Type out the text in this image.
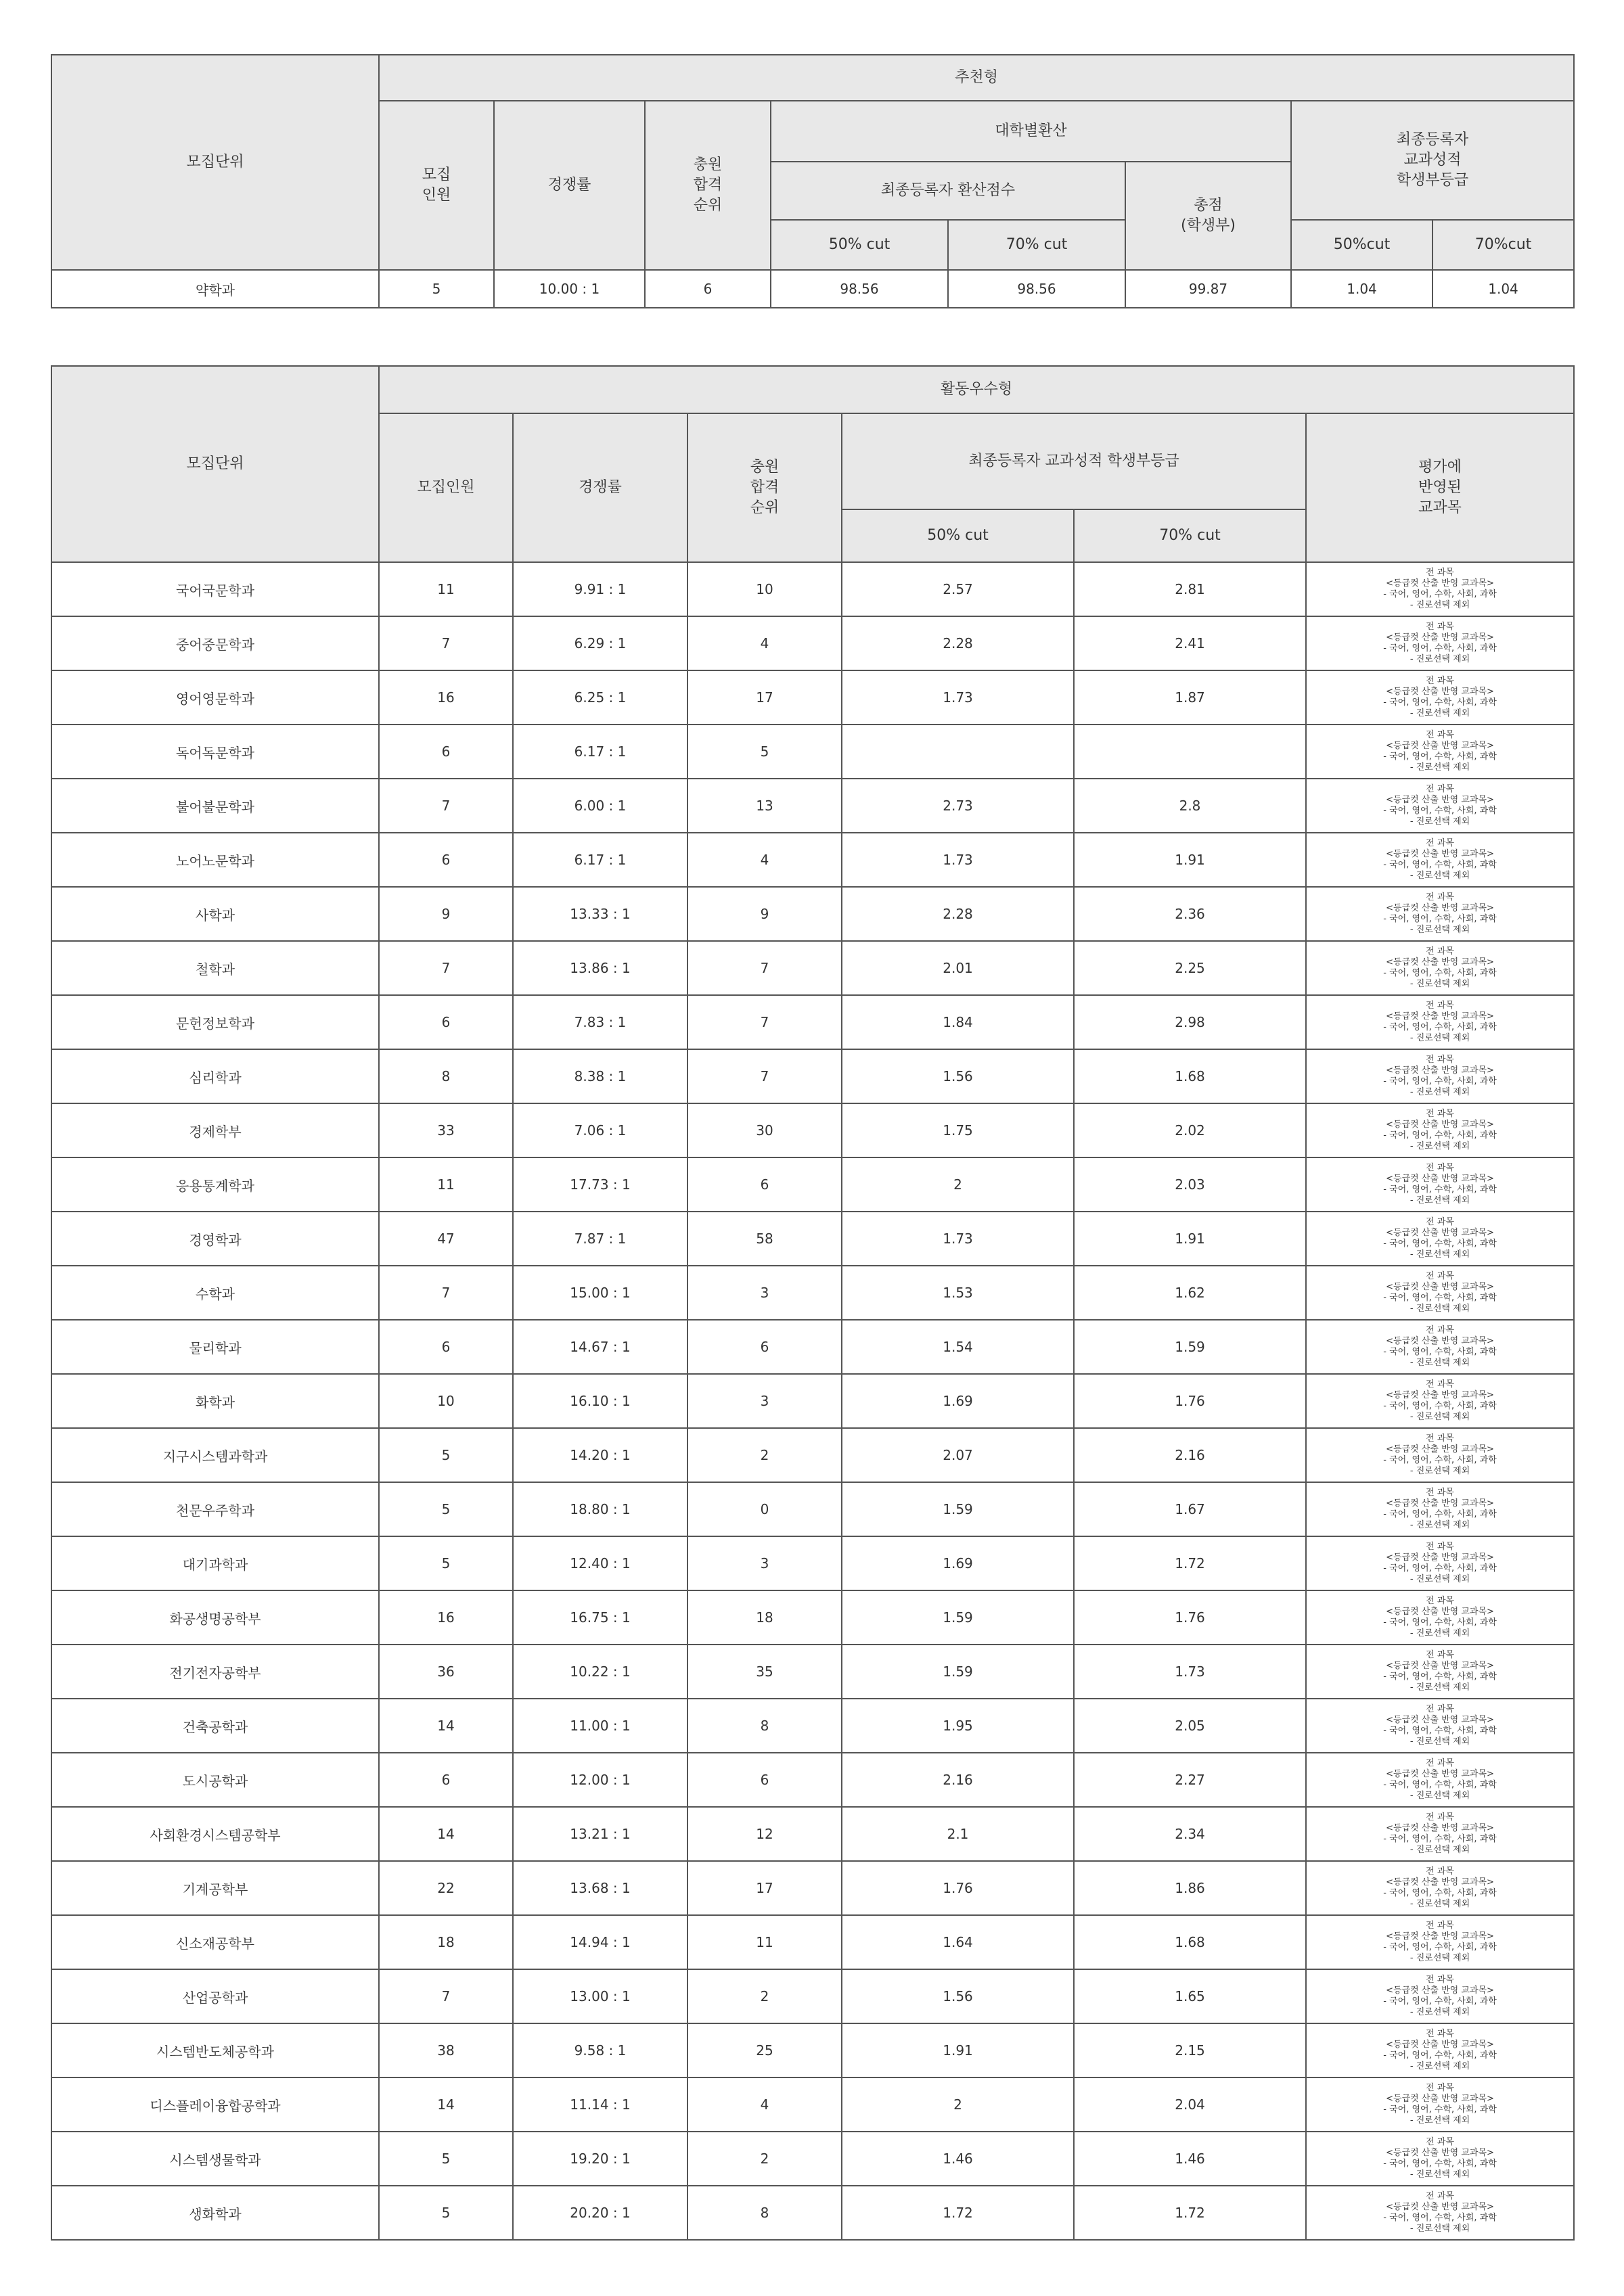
모집단위	추천형							
	모집
인원	경쟁률	충원
합격
순위	대학별환산			최종등록자
교과성적
학생부등급	
				최종등록자 환산점수		총점
(학생부)		
				50% cut	70% cut		50%cut	70%cut
약학과	5	10.00 : 1	6	98.56	98.56	99.87	1.04	1.04
모집단위	활동우수형					
	모집인원	경쟁률	충원
합격
순위	최종등록자 교과성적 학생부등급		평가에
반영된
교과목
				50% cut	70% cut	
국어국문학과	11	9.91 : 1	10	2.57	2.81	전 과목
<등급컷 산출 반영 교과목>
- 국어, 영어, 수학, 사회, 과학
- 진로선택 제외
중어중문학과	7	6.29 : 1	4	2.28	2.41	전 과목
<등급컷 산출 반영 교과목>
- 국어, 영어, 수학, 사회, 과학
- 진로선택 제외
영어영문학과	16	6.25 : 1	17	1.73	1.87	전 과목
<등급컷 산출 반영 교과목>
- 국어, 영어, 수학, 사회, 과학
- 진로선택 제외
독어독문학과	6	6.17 : 1	5			전 과목
<등급컷 산출 반영 교과목>
- 국어, 영어, 수학, 사회, 과학
- 진로선택 제외
불어불문학과	7	6.00 : 1	13	2.73	2.8	전 과목
<등급컷 산출 반영 교과목>
- 국어, 영어, 수학, 사회, 과학
- 진로선택 제외
노어노문학과	6	6.17 : 1	4	1.73	1.91	전 과목
<등급컷 산출 반영 교과목>
- 국어, 영어, 수학, 사회, 과학
- 진로선택 제외
사학과	9	13.33 : 1	9	2.28	2.36	전 과목
<등급컷 산출 반영 교과목>
- 국어, 영어, 수학, 사회, 과학
- 진로선택 제외
철학과	7	13.86 : 1	7	2.01	2.25	전 과목
<등급컷 산출 반영 교과목>
- 국어, 영어, 수학, 사회, 과학
- 진로선택 제외
문헌정보학과	6	7.83 : 1	7	1.84	2.98	전 과목
<등급컷 산출 반영 교과목>
- 국어, 영어, 수학, 사회, 과학
- 진로선택 제외
심리학과	8	8.38 : 1	7	1.56	1.68	전 과목
<등급컷 산출 반영 교과목>
- 국어, 영어, 수학, 사회, 과학
- 진로선택 제외
경제학부	33	7.06 : 1	30	1.75	2.02	전 과목
<등급컷 산출 반영 교과목>
- 국어, 영어, 수학, 사회, 과학
- 진로선택 제외
응용통계학과	11	17.73 : 1	6	2	2.03	전 과목
<등급컷 산출 반영 교과목>
- 국어, 영어, 수학, 사회, 과학
- 진로선택 제외
경영학과	47	7.87 : 1	58	1.73	1.91	전 과목
<등급컷 산출 반영 교과목>
- 국어, 영어, 수학, 사회, 과학
- 진로선택 제외
수학과	7	15.00 : 1	3	1.53	1.62	전 과목
<등급컷 산출 반영 교과목>
- 국어, 영어, 수학, 사회, 과학
- 진로선택 제외
물리학과	6	14.67 : 1	6	1.54	1.59	전 과목
<등급컷 산출 반영 교과목>
- 국어, 영어, 수학, 사회, 과학
- 진로선택 제외
화학과	10	16.10 : 1	3	1.69	1.76	전 과목
<등급컷 산출 반영 교과목>
- 국어, 영어, 수학, 사회, 과학
- 진로선택 제외
지구시스템과학과	5	14.20 : 1	2	2.07	2.16	전 과목
<등급컷 산출 반영 교과목>
- 국어, 영어, 수학, 사회, 과학
- 진로선택 제외
천문우주학과	5	18.80 : 1	0	1.59	1.67	전 과목
<등급컷 산출 반영 교과목>
- 국어, 영어, 수학, 사회, 과학
- 진로선택 제외
대기과학과	5	12.40 : 1	3	1.69	1.72	전 과목
<등급컷 산출 반영 교과목>
- 국어, 영어, 수학, 사회, 과학
- 진로선택 제외
화공생명공학부	16	16.75 : 1	18	1.59	1.76	전 과목
<등급컷 산출 반영 교과목>
- 국어, 영어, 수학, 사회, 과학
- 진로선택 제외
전기전자공학부	36	10.22 : 1	35	1.59	1.73	전 과목
<등급컷 산출 반영 교과목>
- 국어, 영어, 수학, 사회, 과학
- 진로선택 제외
건축공학과	14	11.00 : 1	8	1.95	2.05	전 과목
<등급컷 산출 반영 교과목>
- 국어, 영어, 수학, 사회, 과학
- 진로선택 제외
도시공학과	6	12.00 : 1	6	2.16	2.27	전 과목
<등급컷 산출 반영 교과목>
- 국어, 영어, 수학, 사회, 과학
- 진로선택 제외
사회환경시스템공학부	14	13.21 : 1	12	2.1	2.34	전 과목
<등급컷 산출 반영 교과목>
- 국어, 영어, 수학, 사회, 과학
- 진로선택 제외
기계공학부	22	13.68 : 1	17	1.76	1.86	전 과목
<등급컷 산출 반영 교과목>
- 국어, 영어, 수학, 사회, 과학
- 진로선택 제외
신소재공학부	18	14.94 : 1	11	1.64	1.68	전 과목
<등급컷 산출 반영 교과목>
- 국어, 영어, 수학, 사회, 과학
- 진로선택 제외
산업공학과	7	13.00 : 1	2	1.56	1.65	전 과목
<등급컷 산출 반영 교과목>
- 국어, 영어, 수학, 사회, 과학
- 진로선택 제외
시스템반도체공학과	38	9.58 : 1	25	1.91	2.15	전 과목
<등급컷 산출 반영 교과목>
- 국어, 영어, 수학, 사회, 과학
- 진로선택 제외
디스플레이융합공학과	14	11.14 : 1	4	2	2.04	전 과목
<등급컷 산출 반영 교과목>
- 국어, 영어, 수학, 사회, 과학
- 진로선택 제외
시스템생물학과	5	19.20 : 1	2	1.46	1.46	전 과목
<등급컷 산출 반영 교과목>
- 국어, 영어, 수학, 사회, 과학
- 진로선택 제외
생화학과	5	20.20 : 1	8	1.72	1.72	전 과목
<등급컷 산출 반영 교과목>
- 국어, 영어, 수학, 사회, 과학
- 진로선택 제외
